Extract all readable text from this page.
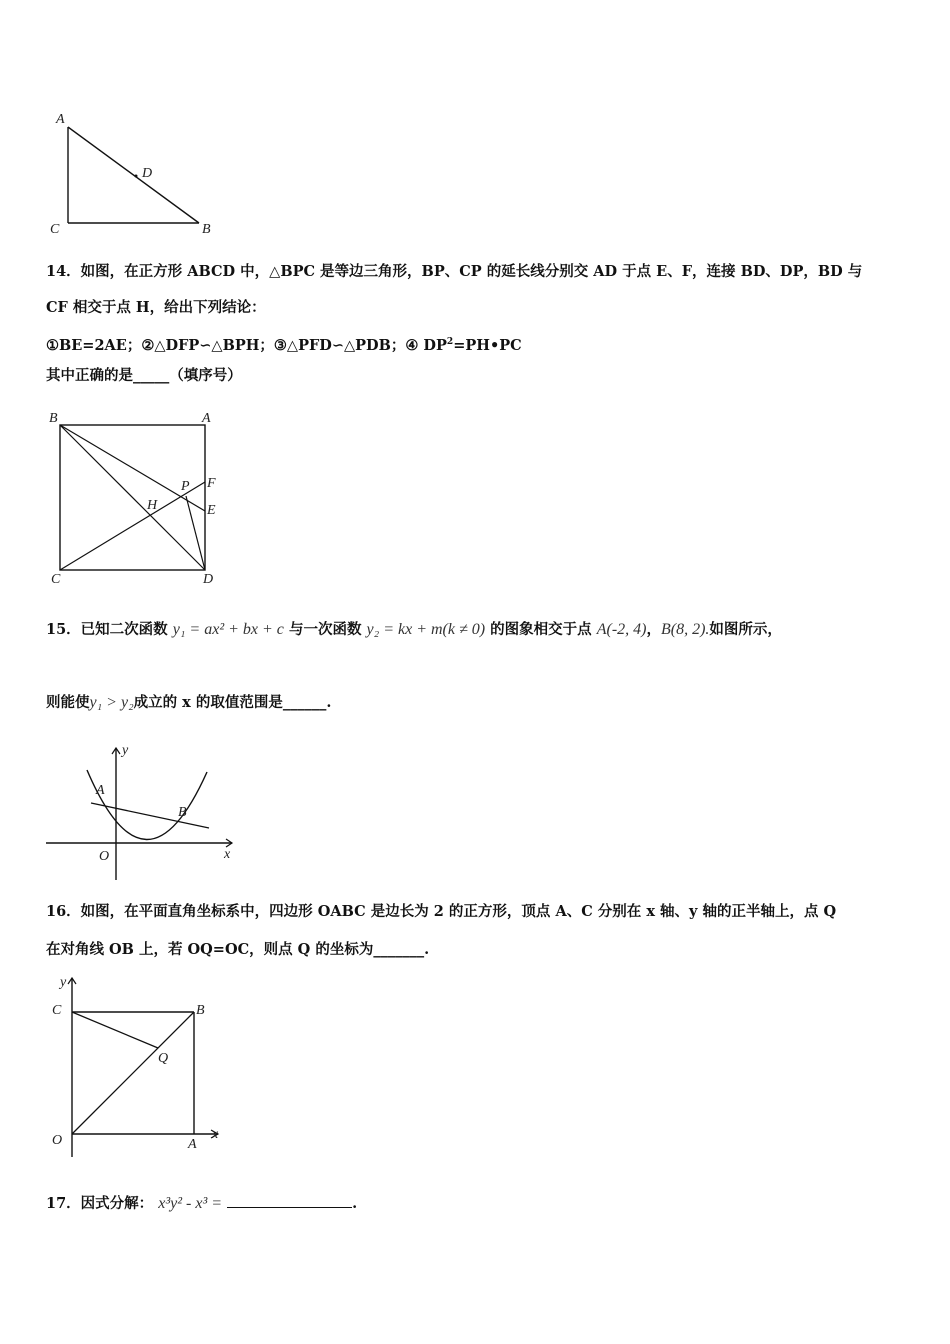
A
D
C	B
14．如图，在正方形 ABCD 中，△BPC 是等边三角形，BP、CP 的延长线分别交 AD 于点 E、F，连接 BD、DP，BD 与
CF 相交于点 H，给出下列结论：
①BE=2AE；②△DFP∽△BPH；③△PFD∽△PDB；④ $DP^2=PH•PC$
其中正确的是_____（填序号）
B	A
P F
H	E
C	D
15．已知二次函数 y₁ = ax² + bx + c 与一次函数 y₂ = kx + m(k ≠ 0) 的图象相交于点 A(-2, 4)，B(8, 2).如图所示，
则能使y₁ > y₂成立的 x 的取值范围是______.
y
A
B
O	x
16．如图，在平面直角坐标系中，四边形 OABC 是边长为 2 的正方形，顶点 A、C 分别在 x 轴、y 轴的正半轴上，点 Q
在对角线 OB 上，若 OQ=OC，则点 Q 的坐标为_______.
y
C	B
Q
O	A
x
17．因式分解： x³y² - x³ =	.
